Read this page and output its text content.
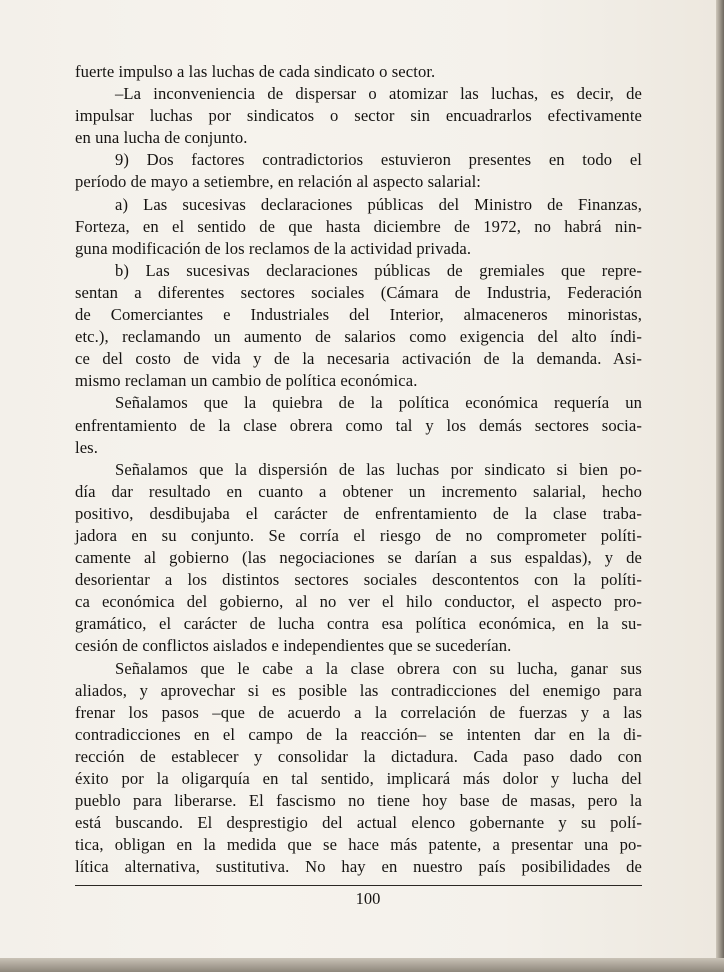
fuerte impulso a las luchas de cada sindicato o sector.
–La inconveniencia de dispersar o atomizar las luchas, es decir, de
impulsar luchas por sindicatos o sector sin encuadrarlos efectivamente
en una lucha de conjunto.
9) Dos factores contradictorios estuvieron presentes en todo el
período de mayo a setiembre, en relación al aspecto salarial:
a) Las sucesivas declaraciones públicas del Ministro de Finanzas,
Forteza, en el sentido de que hasta diciembre de 1972, no habrá nin-
guna modificación de los reclamos de la actividad privada.
b) Las sucesivas declaraciones públicas de gremiales que repre-
sentan a diferentes sectores sociales (Cámara de Industria, Federación
de Comerciantes e Industriales del Interior, almaceneros minoristas,
etc.), reclamando un aumento de salarios como exigencia del alto índi-
ce del costo de vida y de la necesaria activación de la demanda. Asi-
mismo reclaman un cambio de política económica.
Señalamos que la quiebra de la política económica requería un
enfrentamiento de la clase obrera como tal y los demás sectores socia-
les.
Señalamos que la dispersión de las luchas por sindicato si bien po-
día dar resultado en cuanto a obtener un incremento salarial, hecho
positivo, desdibujaba el carácter de enfrentamiento de la clase traba-
jadora en su conjunto. Se corría el riesgo de no comprometer políti-
camente al gobierno (las negociaciones se darían a sus espaldas), y de
desorientar a los distintos sectores sociales descontentos con la políti-
ca económica del gobierno, al no ver el hilo conductor, el aspecto pro-
gramático, el carácter de lucha contra esa política económica, en la su-
cesión de conflictos aislados e independientes que se sucederían.
Señalamos que le cabe a la clase obrera con su lucha, ganar sus
aliados, y aprovechar si es posible las contradicciones del enemigo para
frenar los pasos –que de acuerdo a la correlación de fuerzas y a las
contradicciones en el campo de la reacción– se intenten dar en la di-
rección de establecer y consolidar la dictadura. Cada paso dado con
éxito por la oligarquía en tal sentido, implicará más dolor y lucha del
pueblo para liberarse. El fascismo no tiene hoy base de masas, pero la
está buscando. El desprestigio del actual elenco gobernante y su polí-
tica, obligan en la medida que se hace más patente, a presentar una po-
lítica alternativa, sustitutiva. No hay en nuestro país posibilidades de
100
